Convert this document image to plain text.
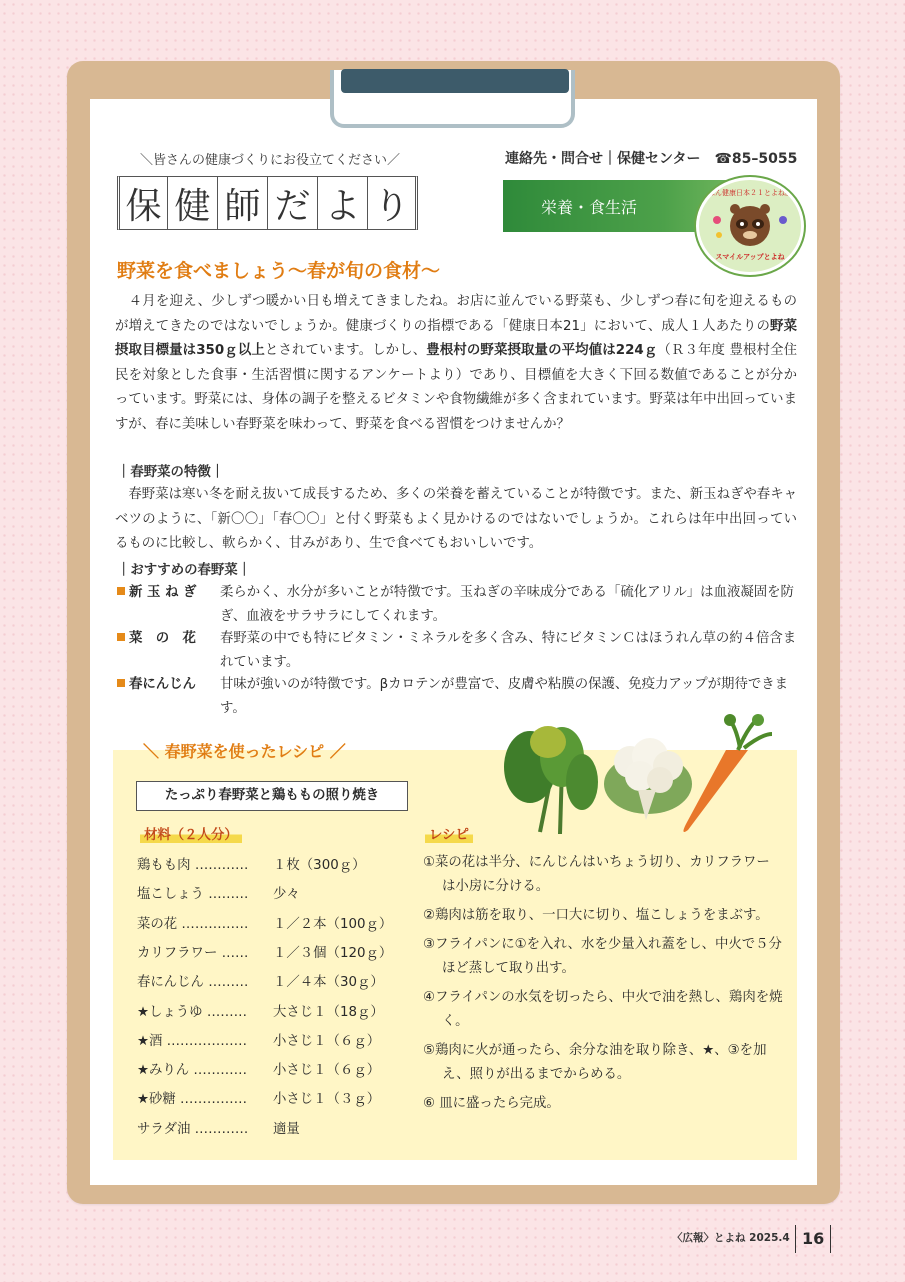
＼皆さんの健康づくりにお役立てください／	連絡先・問合せ｜保健センター　☎85–5055
保 健 師 だ よ り	栄養・食生活
えほん健康日本２１とよね計画
スマイルアップとよね
野菜を食べましょう〜春が旬の食材〜

　４月を迎え、少しずつ暖かい日も増えてきましたね。お店に並んでいる野菜も、少しずつ春に旬を迎えるものが増えてきたのではないでしょうか。健康づくりの指標である「健康日本21」において、成人１人あたりの野菜摂取目標量は350ｇ以上とされています。しかし、豊根村の野菜摂取量の平均値は224ｇ（Ｒ３年度 豊根村全住民を対象とした食事・生活習慣に関するアンケートより）であり、目標値を大きく下回る数値であることが分かっています。野菜には、身体の調子を整えるビタミンや食物繊維が多く含まれています。野菜は年中出回っていますが、春に美味しい春野菜を味わって、野菜を食べる習慣をつけませんか？

｜春野菜の特徴｜

　春野菜は寒い冬を耐え抜いて成長するため、多くの栄養を蓄えていることが特徴です。また、新玉ねぎや春キャベツのように、「新〇〇」「春〇〇」と付く野菜もよく見かけるのではないでしょうか。これらは年中出回っているものに比較し、軟らかく、甘みがあり、生で食べてもおいしいです。

｜おすすめの春野菜｜
新 玉 ね ぎ	柔らかく、水分が多いことが特徴です。玉ねぎの辛味成分である「硫化アリル」は血液凝固を防ぎ、血液をサラサラにしてくれます。
菜　の　花	春野菜の中でも特にビタミン・ミネラルを多く含み、特にビタミンＣはほうれん草の約４倍含まれています。
春にんじん	甘味が強いのが特徴です。βカロテンが豊富で、皮膚や粘膜の保護、免疫力アップが期待できます。
＼ 春野菜を使ったレシピ ／
たっぷり春野菜と鶏ももの照り焼き
材料（２人分）	レシピ
鶏もも肉 ………… １枚（300ｇ）
塩こしょう ……… 少々
菜の花 …………… １／２本（100ｇ）
カリフラワー …… １／３個（120ｇ）
春にんじん ……… １／４本（30ｇ）
★しょうゆ ……… 大さじ１（18ｇ）
★酒 ……………… 小さじ１（６ｇ）
★みりん ………… 小さじ１（６ｇ）
★砂糖 …………… 小さじ１（３ｇ）
サラダ油 ………… 適量
①菜の花は半分、にんじんはいちょう切り、カリフラワーは小房に分ける。
②鶏肉は筋を取り、一口大に切り、塩こしょうをまぶす。
③フライパンに①を入れ、水を少量入れ蓋をし、中火で５分ほど蒸して取り出す。
④フライパンの水気を切ったら、中火で油を熱し、鶏肉を焼く。
⑤鶏肉に火が通ったら、余分な油を取り除き、★、③を加え、照りが出るまでからめる。
⑥ 皿に盛ったら完成。
〈広報〉とよね 2025.4 16
